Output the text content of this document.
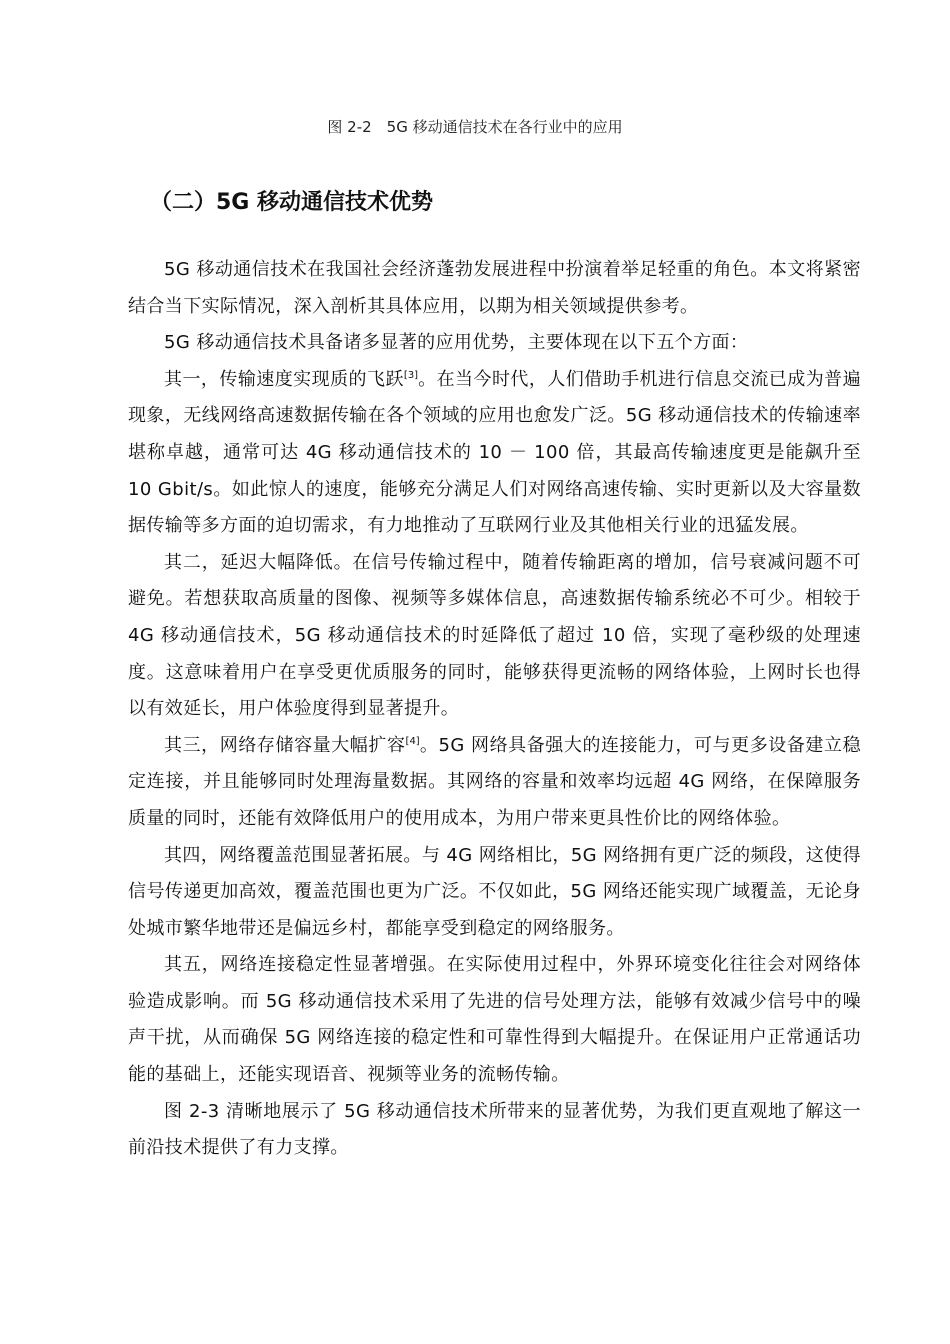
图 2-2　5G 移动通信技术在各行业中的应用
（二）5G 移动通信技术优势

5G 移动通信技术在我国社会经济蓬勃发展进程中扮演着举足轻重的角色。本文将紧密结合当下实际情况，深入剖析其具体应用，以期为相关领域提供参考。

5G 移动通信技术具备诸多显著的应用优势，主要体现在以下五个方面：

其一，传输速度实现质的飞跃[3]。在当今时代，人们借助手机进行信息交流已成为普遍现象，无线网络高速数据传输在各个领域的应用也愈发广泛。5G 移动通信技术的传输速率堪称卓越，通常可达 4G 移动通信技术的 10 － 100 倍，其最高传输速度更是能飙升至 10 Gbit/s。如此惊人的速度，能够充分满足人们对网络高速传输、实时更新以及大容量数据传输等多方面的迫切需求，有力地推动了互联网行业及其他相关行业的迅猛发展。

其二，延迟大幅降低。在信号传输过程中，随着传输距离的增加，信号衰减问题不可避免。若想获取高质量的图像、视频等多媒体信息，高速数据传输系统必不可少。相较于 4G 移动通信技术，5G 移动通信技术的时延降低了超过 10 倍，实现了毫秒级的处理速度。这意味着用户在享受更优质服务的同时，能够获得更流畅的网络体验，上网时长也得以有效延长，用户体验度得到显著提升。

其三，网络存储容量大幅扩容[4]。5G 网络具备强大的连接能力，可与更多设备建立稳定连接，并且能够同时处理海量数据。其网络的容量和效率均远超 4G 网络，在保障服务质量的同时，还能有效降低用户的使用成本，为用户带来更具性价比的网络体验。

其四，网络覆盖范围显著拓展。与 4G 网络相比，5G 网络拥有更广泛的频段，这使得信号传递更加高效，覆盖范围也更为广泛。不仅如此，5G 网络还能实现广域覆盖，无论身处城市繁华地带还是偏远乡村，都能享受到稳定的网络服务。

其五，网络连接稳定性显著增强。在实际使用过程中，外界环境变化往往会对网络体验造成影响。而 5G 移动通信技术采用了先进的信号处理方法，能够有效减少信号中的噪声干扰，从而确保 5G 网络连接的稳定性和可靠性得到大幅提升。在保证用户正常通话功能的基础上，还能实现语音、视频等业务的流畅传输。

图 2-3 清晰地展示了 5G 移动通信技术所带来的显著优势，为我们更直观地了解这一前沿技术提供了有力支撑。
